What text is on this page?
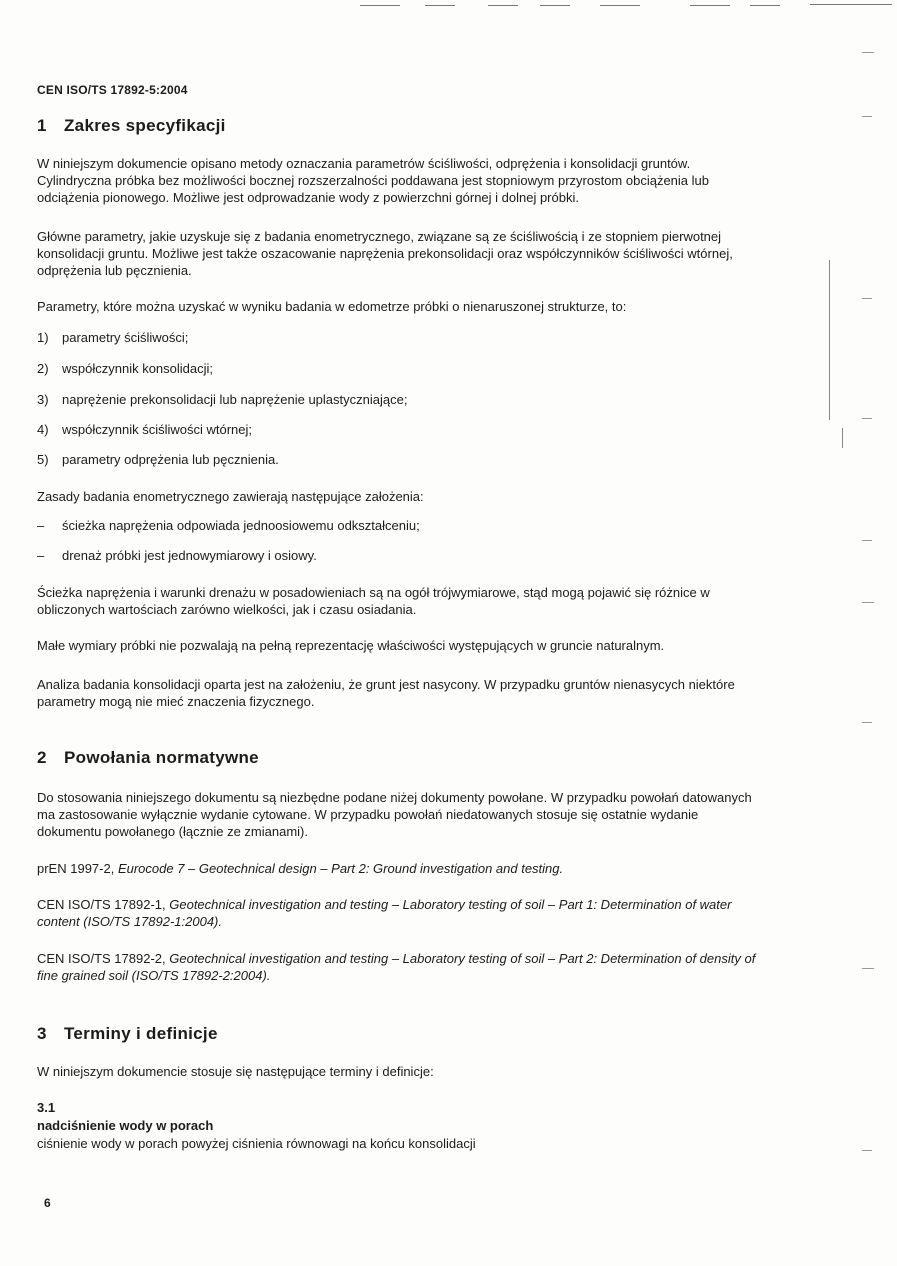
CEN ISO/TS 17892-5:2004
1 Zakres specyfikacji
W niniejszym dokumencie opisano metody oznaczania parametrów ściśliwości, odprężenia i konsolidacji gruntów. Cylindryczna próbka bez możliwości bocznej rozszerzalności poddawana jest stopniowym przyrostom obciążenia lub odciążenia pionowego. Możliwe jest odprowadzanie wody z powierzchni górnej i dolnej próbki.
Główne parametry, jakie uzyskuje się z badania enometrycznego, związane są ze ściśliwością i ze stopniem pierwotnej konsolidacji gruntu. Możliwe jest także oszacowanie naprężenia prekonsolidacji oraz współczynników ściśliwości wtórnej, odprężenia lub pęcznienia.
Parametry, które można uzyskać w wyniku badania w edometrze próbki o nienaruszonej strukturze, to:
1) parametry ściśliwości;
2) współczynnik konsolidacji;
3) naprężenie prekonsolidacji lub naprężenie uplastyczniające;
4) współczynnik ściśliwości wtórnej;
5) parametry odprężenia lub pęcznienia.
Zasady badania enometrycznego zawierają następujące założenia:
– ścieżka naprężenia odpowiada jednoosiowemu odkształceniu;
– drenaż próbki jest jednowymiarowy i osiowy.
Ścieżka naprężenia i warunki drenażu w posadowieniach są na ogół trójwymiarowe, stąd mogą pojawić się różnice w obliczonych wartościach zarówno wielkości, jak i czasu osiadania.
Małe wymiary próbki nie pozwalają na pełną reprezentację właściwości występujących w gruncie naturalnym.
Analiza badania konsolidacji oparta jest na założeniu, że grunt jest nasycony. W przypadku gruntów nienasycych niektóre parametry mogą nie mieć znaczenia fizycznego.
2 Powołania normatywne
Do stosowania niniejszego dokumentu są niezbędne podane niżej dokumenty powołane. W przypadku powołań datowanych ma zastosowanie wyłącznie wydanie cytowane. W przypadku powołań niedatowanych stosuje się ostatnie wydanie dokumentu powołanego (łącznie ze zmianami).
prEN 1997-2, Eurocode 7 – Geotechnical design – Part 2: Ground investigation and testing.
CEN ISO/TS 17892-1, Geotechnical investigation and testing – Laboratory testing of soil – Part 1: Determination of water content (ISO/TS 17892-1:2004).
CEN ISO/TS 17892-2, Geotechnical investigation and testing – Laboratory testing of soil – Part 2: Determination of density of fine grained soil (ISO/TS 17892-2:2004).
3 Terminy i definicje
W niniejszym dokumencie stosuje się następujące terminy i definicje:
3.1
nadciśnienie wody w porach
ciśnienie wody w porach powyżej ciśnienia równowagi na końcu konsolidacji
6
